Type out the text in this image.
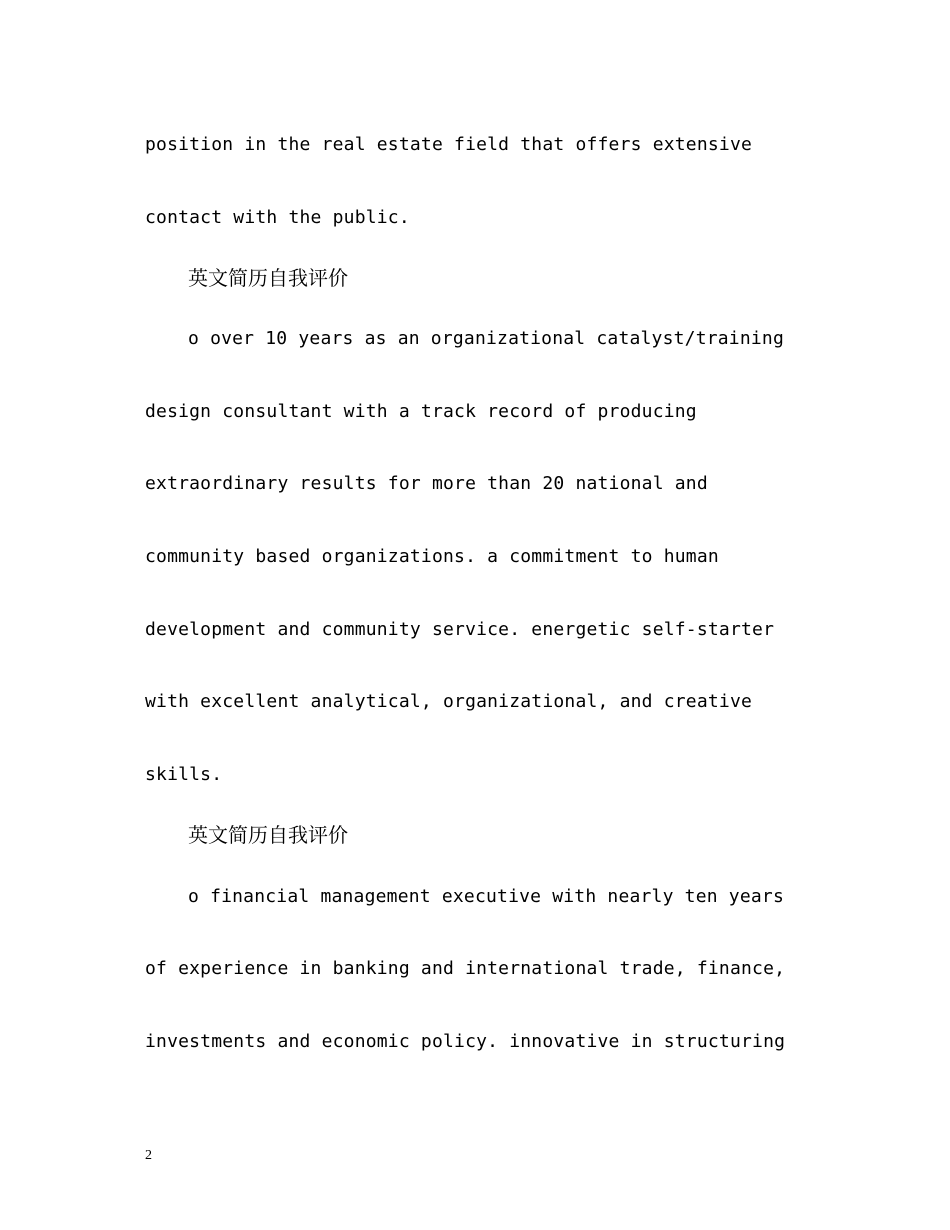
position in the real estate field that offers extensive
contact with the public.
英文简历自我评价
o over 10 years as an organizational catalyst/training
design consultant with a track record of producing
extraordinary results for more than 20 national and
community based organizations. a commitment to human
development and community service. energetic self-starter
with excellent analytical, organizational, and creative
skills.
英文简历自我评价
o financial management executive with nearly ten years
of experience in banking and international trade, finance,
investments and economic policy. innovative in structuring
2
